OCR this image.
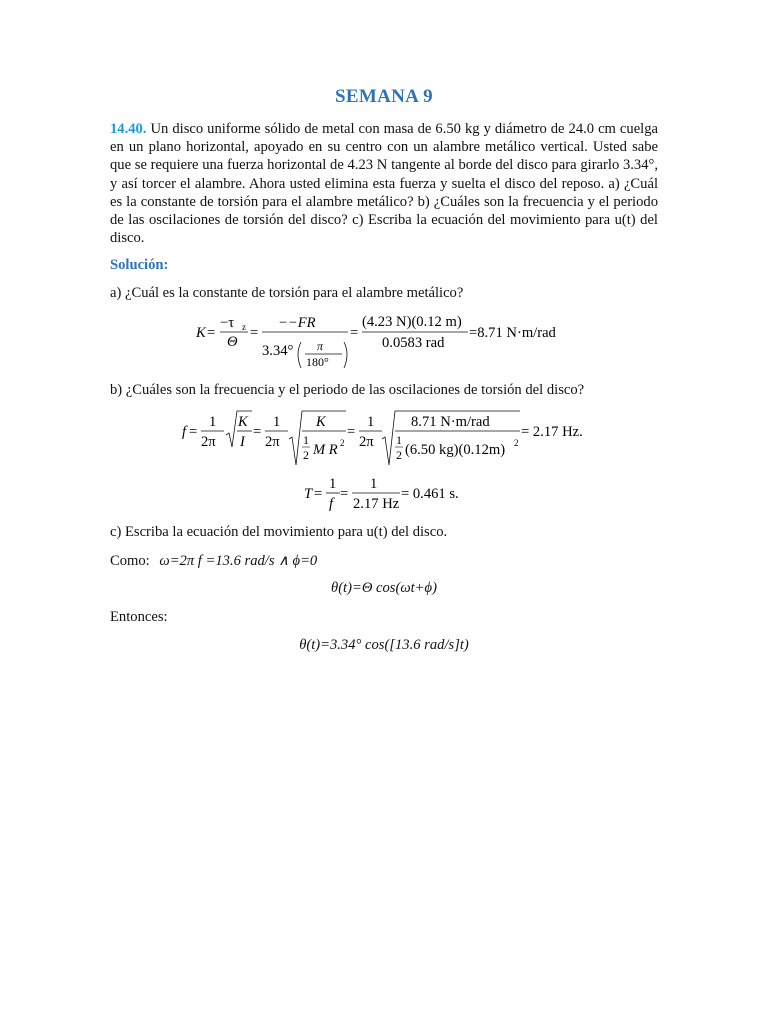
SEMANA 9
14.40. Un disco uniforme sólido de metal con masa de 6.50 kg y diámetro de 24.0 cm cuelga en un plano horizontal, apoyado en su centro con un alambre metálico vertical. Usted sabe que se requiere una fuerza horizontal de 4.23 N tangente al borde del disco para girarlo 3.34°, y así torcer el alambre. Ahora usted elimina esta fuerza y suelta el disco del reposo. a) ¿Cuál es la constante de torsión para el alambre metálico? b) ¿Cuáles son la frecuencia y el periodo de las oscilaciones de torsión del disco? c) Escriba la ecuación del movimiento para u(t) del disco.
Solución:
a) ¿Cuál es la constante de torsión para el alambre metálico?
K =
−τ z
Θ
=
−−FR
3.34° π
180°
=
(4.23 N)(0.12 m)
0.0583 rad
=8.71 N·m/rad
b) ¿Cuáles son la frecuencia y el periodo de las oscilaciones de torsión del disco?
f =
1
2π
K
I
=
1
2π
K
1
2 M R 2
=
1
2π
8.71 N·m/rad
1
2 (6.50 kg)(0.12m) 2
= 2.17 Hz.
T =
1
f
=
1
2.17 Hz
= 0.461 s.
c) Escriba la ecuación del movimiento para u(t) del disco.
Como: ω=2π f =13.6 rad/s ∧ ϕ=0
θ(t)=Θ cos(ωt+ϕ)
Entonces:
θ(t)=3.34° cos([13.6 rad/s]t)
